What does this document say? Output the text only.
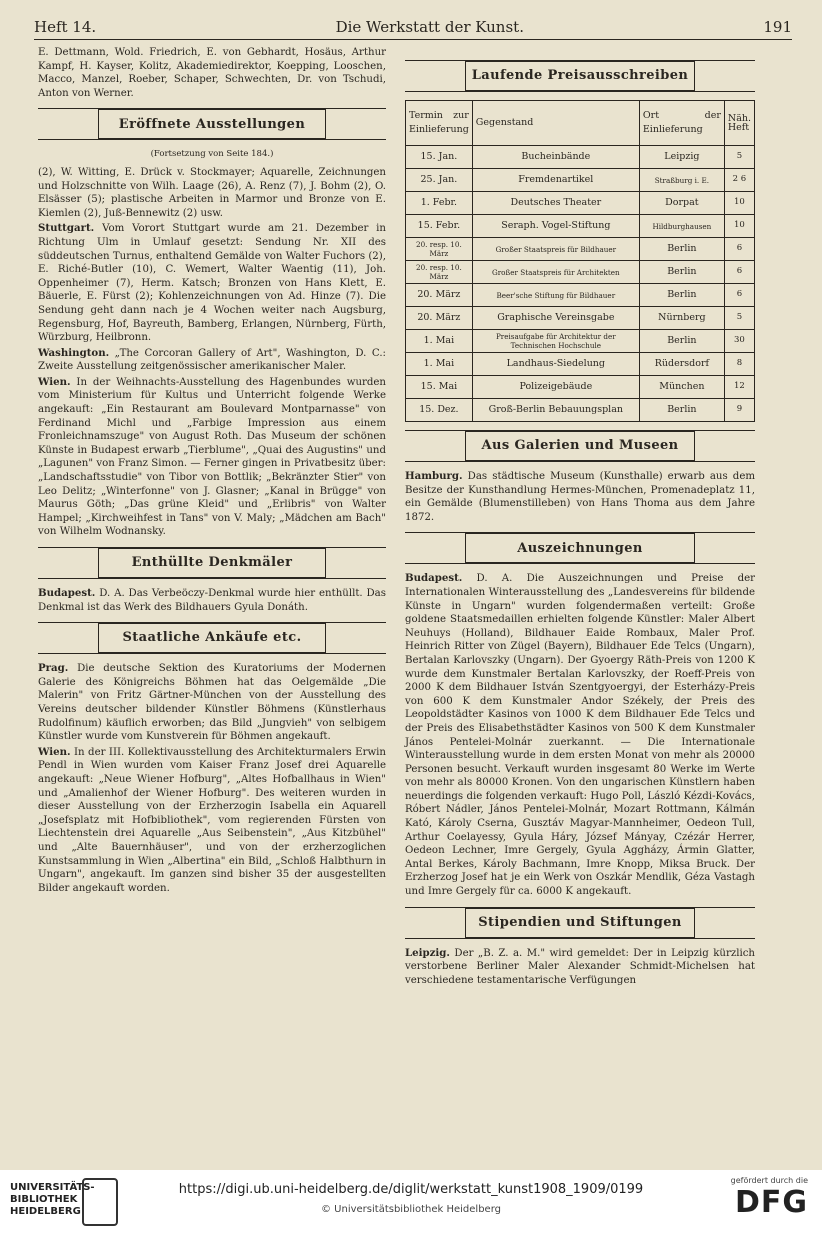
Heft 14.	Die Werkstatt der Kunst.	191

E. Dettmann, Wold. Friedrich, E. von Gebhardt, Hosäus, Arthur Kampf, H. Kayser, Kolitz, Akademiedirektor, Koepping, Looschen, Macco, Manzel, Roeber, Schaper, Schwechten, Dr. von Tschudi, Anton von Werner.

Eröffnete Ausstellungen
(Fortsetzung von Seite 184.)

(2), W. Witting, E. Drück v. Stockmayer; Aquarelle, Zeichnungen und Holzschnitte von Wilh. Laage (26), A. Renz (7), J. Bohm (2), O. Elsässer (5); plastische Arbeiten in Marmor und Bronze von E. Kiemlen (2), Juß-Bennewitz (2) usw.

Stuttgart. Vom Vorort Stuttgart wurde am 21. Dezember in Richtung Ulm in Umlauf gesetzt: Sendung Nr. XII des süddeutschen Turnus, enthaltend Gemälde von Walter Fuchors (2), E. Riché-Butler (10), C. Wemert, Walter Waentig (11), Joh. Oppenheimer (7), Herm. Katsch; Bronzen von Hans Klett, E. Bäuerle, E. Fürst (2); Kohlenzeichnungen von Ad. Hinze (7). Die Sendung geht dann nach je 4 Wochen weiter nach Augsburg, Regensburg, Hof, Bayreuth, Bamberg, Erlangen, Nürnberg, Fürth, Würzburg, Heilbronn.

Washington. „The Corcoran Gallery of Art", Washington, D. C.: Zweite Ausstellung zeitgenössischer amerikanischer Maler.

Wien. In der Weihnachts-Ausstellung des Hagenbundes wurden vom Ministerium für Kultus und Unterricht folgende Werke angekauft: „Ein Restaurant am Boulevard Montparnasse" von Ferdinand Michl und „Farbige Impression aus einem Fronleichnamszuge" von August Roth. Das Museum der schönen Künste in Budapest erwarb „Tierblume", „Quai des Augustins" und „Lagunen" von Franz Simon. — Ferner gingen in Privatbesitz über: „Landschaftsstudie" von Tibor von Bottlik; „Bekränzter Stier" von Leo Delitz; „Winterfonne" von J. Glasner; „Kanal in Brügge" von Maurus Göth; „Das grüne Kleid" und „Erlibris" von Walter Hampel; „Kirchweihfest in Tans" von V. Maly; „Mädchen am Bach" von Wilhelm Wodnansky.

Enthüllte Denkmäler

Budapest. D. A. Das Verbeöczy-Denkmal wurde hier enthüllt. Das Denkmal ist das Werk des Bildhauers Gyula Donáth.

Staatliche Ankäufe etc.

Prag. Die deutsche Sektion des Kuratoriums der Modernen Galerie des Königreichs Böhmen hat das Oelgemälde „Die Malerin" von Fritz Gärtner-München von der Ausstellung des Vereins deutscher bildender Künstler Böhmens (Künstlerhaus Rudolfinum) käuflich erworben; das Bild „Jungvieh" von selbigem Künstler wurde vom Kunstverein für Böhmen angekauft.

Wien. In der III. Kollektivausstellung des Architekturmalers Erwin Pendl in Wien wurden vom Kaiser Franz Josef drei Aquarelle angekauft: „Neue Wiener Hofburg", „Altes Hofballhaus in Wien" und „Amalienhof der Wiener Hofburg". Des weiteren wurden in dieser Ausstellung von der Erzherzogin Isabella ein Aquarell „Josefsplatz mit Hofbibliothek", vom regierenden Fürsten von Liechtenstein drei Aquarelle „Aus Seibenstein", „Aus Kitzbühel" und „Alte Bauernhäuser", und von der erzherzoglichen Kunstsammlung in Wien „Albertina" ein Bild, „Schloß Halbthurn in Ungarn", angekauft. Im ganzen sind bisher 35 der ausgestellten Bilder angekauft worden.

Laufende Preisausschreiben
Termin zur Einlieferung	Gegenstand	Ort der Einlieferung	Näh. Heft
15. Jan.	Bucheinbände	Leipzig	5
25. Jan.	Fremdenartikel	Straßburg i. E.	2 6
1. Febr.	Deutsches Theater	Dorpat	10
15. Febr.	Seraph. Vogel-Stiftung	Hildburghausen	10
20. resp. 10. März	Großer Staatspreis für Bildhauer	Berlin	6
20. resp. 10. März	Großer Staatspreis für Architekten	Berlin	6
20. März	Beer'sche Stiftung für Bildhauer	Berlin	6
20. März	Graphische Vereinsgabe	Nürnberg	5
1. Mai	Preisaufgabe für Architektur der Technischen Hochschule	Berlin	30
1. Mai	Landhaus-Siedelung	Rüdersdorf	8
15. Mai	Polizeigebäude	München	12
15. Dez.	Groß-Berlin Bebauungsplan	Berlin	9
Aus Galerien und Museen

Hamburg. Das städtische Museum (Kunsthalle) erwarb aus dem Besitze der Kunsthandlung Hermes-München, Promenadeplatz 11, ein Gemälde (Blumenstilleben) von Hans Thoma aus dem Jahre 1872.

Auszeichnungen

Budapest. D. A. Die Auszeichnungen und Preise der Internationalen Winterausstellung des „Landesvereins für bildende Künste in Ungarn" wurden folgendermaßen verteilt: Große goldene Staatsmedaillen erhielten folgende Künstler: Maler Albert Neuhuys (Holland), Bildhauer Eaide Rombaux, Maler Prof. Heinrich Ritter von Zügel (Bayern), Bildhauer Ede Telcs (Ungarn), Bertalan Karlovszky (Ungarn). Der Gyoergy Räth-Preis von 1200 K wurde dem Kunstmaler Bertalan Karlovszky, der Roeff-Preis von 2000 K dem Bildhauer István Szentgyoergyi, der Esterházy-Preis von 600 K dem Kunstmaler Andor Székely, der Preis des Leopoldstädter Kasinos von 1000 K dem Bildhauer Ede Telcs und der Preis des Elisabethstädter Kasinos von 500 K dem Kunstmaler János Pentelei-Molnár zuerkannt. — Die Internationale Winterausstellung wurde in dem ersten Monat von mehr als 20000 Personen besucht. Verkauft wurden insgesamt 80 Werke im Werte von mehr als 80000 Kronen. Von den ungarischen Künstlern haben neuerdings die folgenden verkauft: Hugo Poll, László Kézdi-Kovács, Róbert Nádler, János Pentelei-Molnár, Mozart Rottmann, Kálmán Kató, Károly Cserna, Gusztáv Magyar-Mannheimer, Oedeon Tull, Arthur Coelayessy, Gyula Háry, József Mányay, Czézár Herrer, Oedeon Lechner, Imre Gergely, Gyula Aggházy, Ármin Glatter, Antal Berkes, Károly Bachmann, Imre Knopp, Miksa Bruck. Der Erzherzog Josef hat je ein Werk von Oszkár Mendlik, Géza Vastagh und Imre Gergely für ca. 6000 K angekauft.

Stipendien und Stiftungen

Leipzig. Der „B. Z. a. M." wird gemeldet: Der in Leipzig kürzlich verstorbene Berliner Maler Alexander Schmidt-Michelsen hat verschiedene testamentarische Verfügungen

UNIVERSITÄTS-
BIBLIOTHEK
HEIDELBERG
https://digi.ub.uni-heidelberg.de/diglit/werkstatt_kunst1908_1909/0199
© Universitätsbibliothek Heidelberg
gefördert durch die
DFG
